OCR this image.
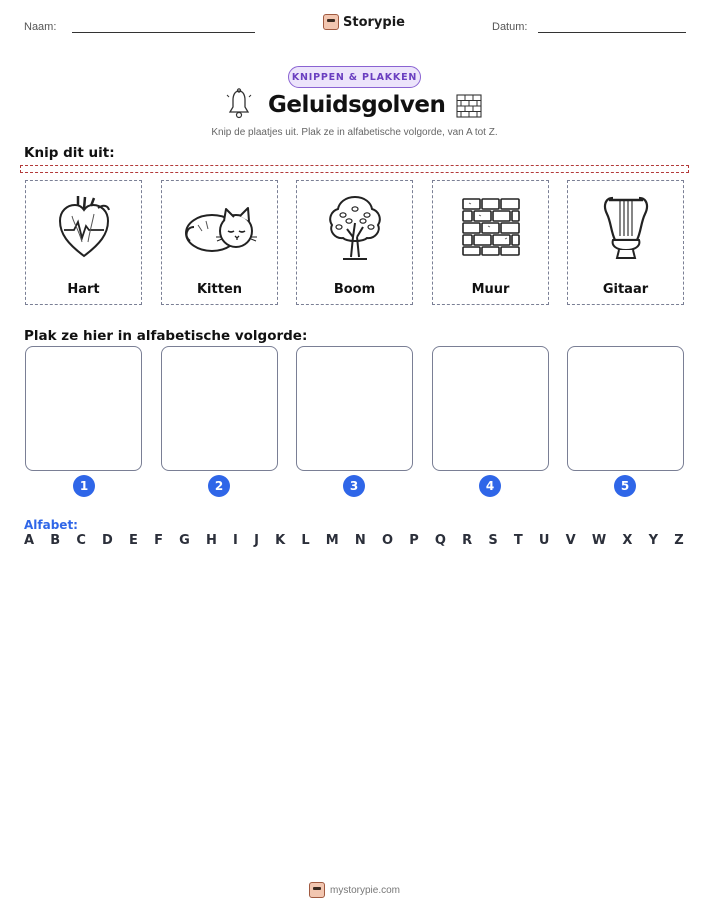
Naam:	Storypie	Datum:
KNIPPEN & PLAKKEN
Geluidsgolven
Knip de plaatjes uit. Plak ze in alfabetische volgorde, van A tot Z.
Knip dit uit:
Hart	Kitten	Boom	Muur	Gitaar
Plak ze hier in alfabetische volgorde:
1	2	3	4	5
Alfabet:
A B C D E F G H I J K L M N O P Q R S T U V W X Y Z
mystorypie.com
